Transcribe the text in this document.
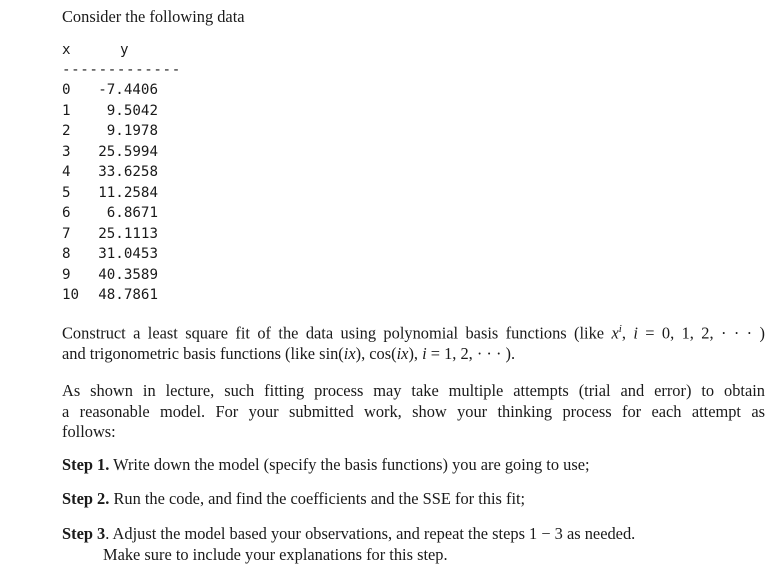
Consider the following data
x	y
-------------
0	-7.4406
1	9.5042
2	9.1978
3	25.5994
4	33.6258
5	11.2584
6	6.8671
7	25.1113
8	31.0453
9	40.3589
10	48.7861
Construct a least square fit of the data using polynomial basis functions (like $x^i$, i = 0, 1, 2, · · · )
and trigonometric basis functions (like sin(ix), cos(ix), i = 1, 2, · · · ).
As shown in lecture, such fitting process may take multiple attempts (trial and error) to obtain
a reasonable model. For your submitted work, show your thinking process for each attempt as
follows:
Step 1. Write down the model (specify the basis functions) you are going to use;
Step 2. Run the code, and find the coefficients and the SSE for this fit;
Step 3. Adjust the model based your observations, and repeat the steps 1 − 3 as needed.
Make sure to include your explanations for this step.
